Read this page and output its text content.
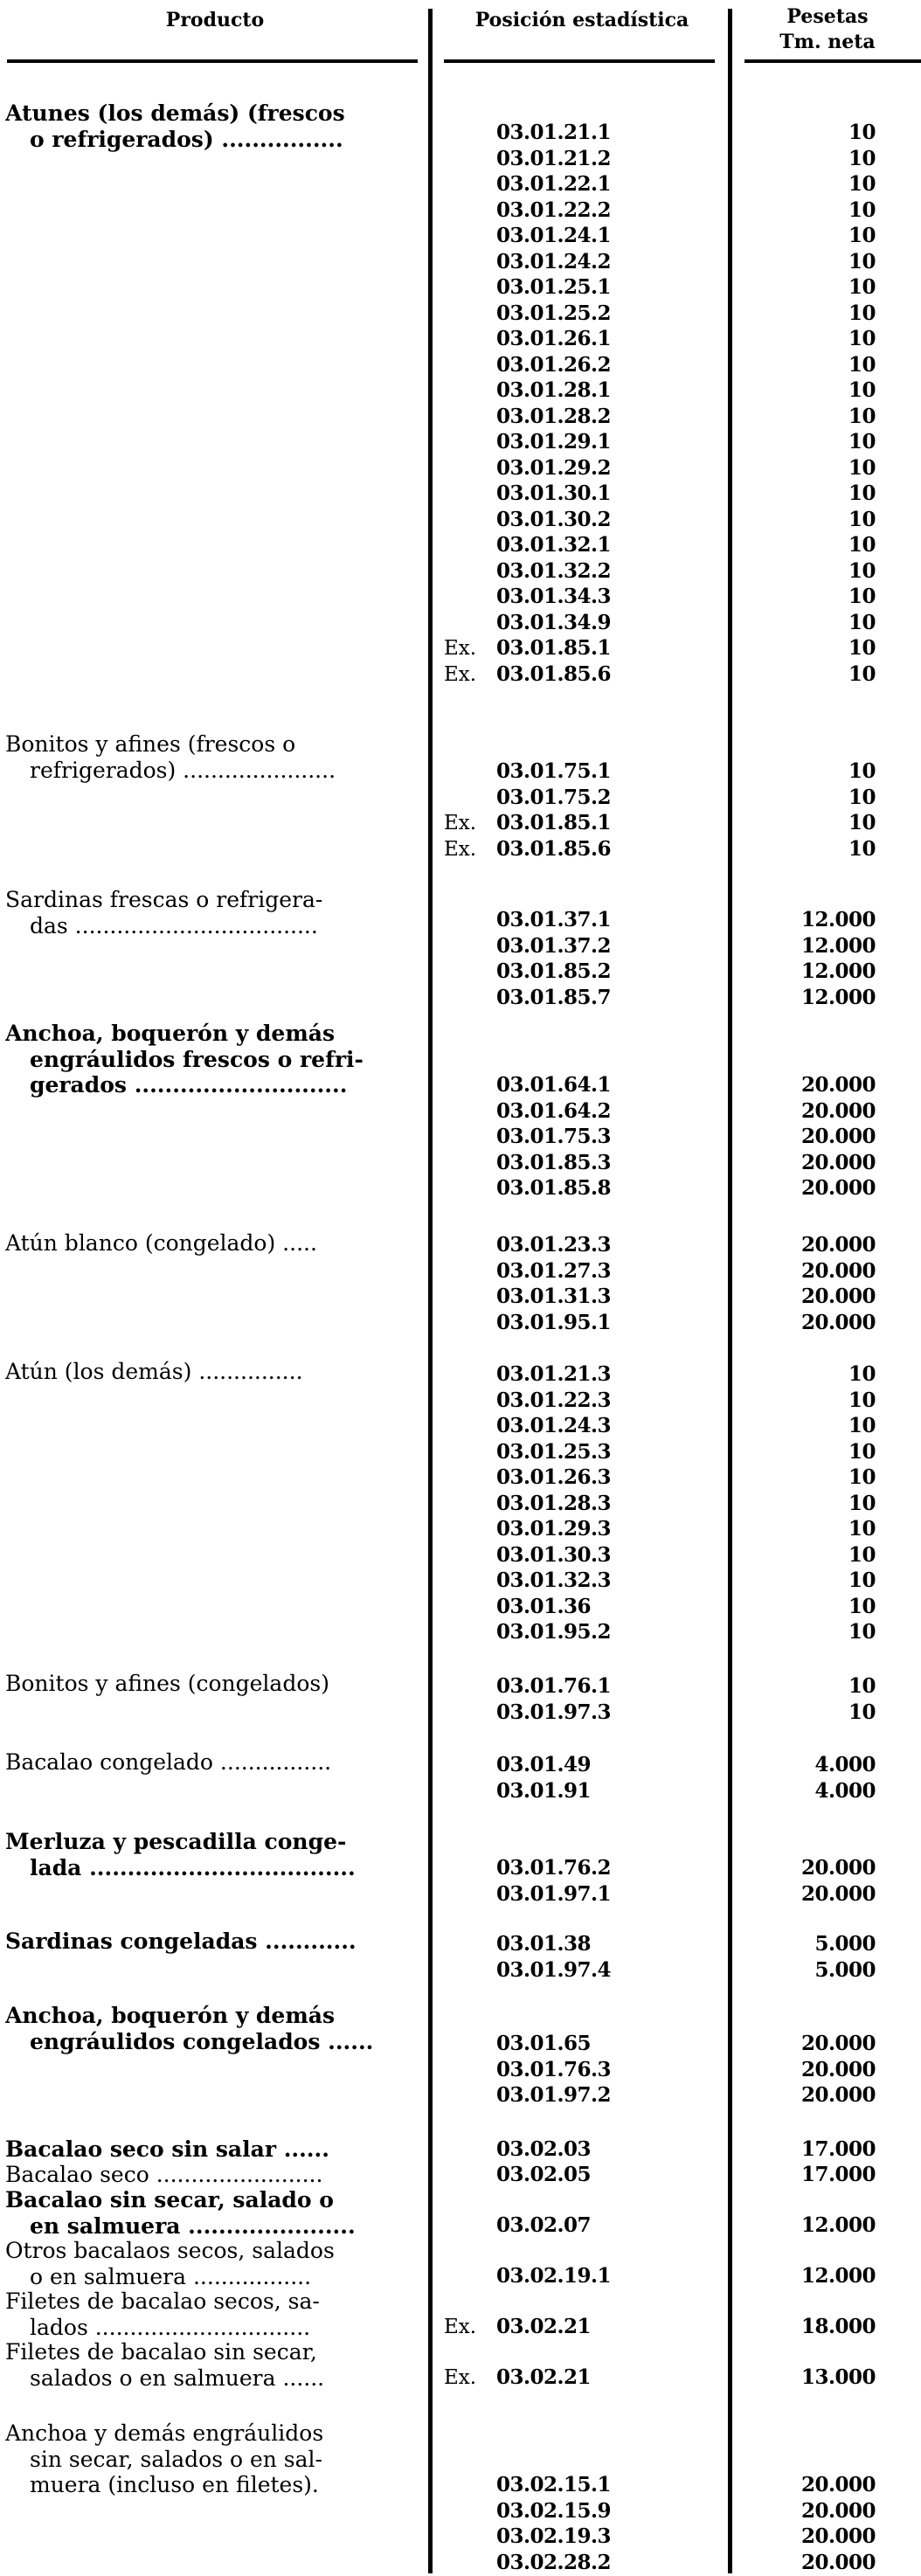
Producto	Posición estadística	Pesetas
Tm. neta
Atunes (los demás) (frescos
o refrigerados) ................	03.01.21.1	10
03.01.21.2	10
03.01.22.1	10
03.01.22.2	10
03.01.24.1	10
03.01.24.2	10
03.01.25.1	10
03.01.25.2	10
03.01.26.1	10
03.01.26.2	10
03.01.28.1	10
03.01.28.2	10
03.01.29.1	10
03.01.29.2	10
03.01.30.1	10
03.01.30.2	10
03.01.32.1	10
03.01.32.2	10
03.01.34.3	10
03.01.34.9	10
Ex. 03.01.85.1	10
Ex. 03.01.85.6	10
Bonitos y afines (frescos o
refrigerados) ......................	03.01.75.1	10
03.01.75.2	10
Ex. 03.01.85.1	10
Ex. 03.01.85.6	10
Sardinas frescas o refrigera-
das ...................................	03.01.37.1	12.000
03.01.37.2	12.000
03.01.85.2	12.000
03.01.85.7	12.000
Anchoa, boquerón y demás
engráulidos frescos o refri-
gerados ............................	03.01.64.1	20.000
03.01.64.2	20.000
03.01.75.3	20.000
03.01.85.3	20.000
03.01.85.8	20.000
Atún blanco (congelado) .....	03.01.23.3	20.000
03.01.27.3	20.000
03.01.31.3	20.000
03.01.95.1	20.000
Atún (los demás) ...............	03.01.21.3	10
03.01.22.3	10
03.01.24.3	10
03.01.25.3	10
03.01.26.3	10
03.01.28.3	10
03.01.29.3	10
03.01.30.3	10
03.01.32.3	10
03.01.36	10
03.01.95.2	10
Bonitos y afines (congelados)	03.01.76.1	10
03.01.97.3	10
Bacalao congelado ................	03.01.49	4.000
03.01.91	4.000
Merluza y pescadilla conge-
lada ...................................	03.01.76.2	20.000
03.01.97.1	20.000
Sardinas congeladas ............	03.01.38	5.000
03.01.97.4	5.000
Anchoa, boquerón y demás
engráulidos congelados ......	03.01.65	20.000
03.01.76.3	20.000
03.01.97.2	20.000
Bacalao seco sin salar ......	03.02.03	17.000
Bacalao seco ........................	03.02.05	17.000
Bacalao sin secar, salado o
en salmuera ......................	03.02.07	12.000
Otros bacalaos secos, salados
o en salmuera .................	03.02.19.1	12.000
Filetes de bacalao secos, sa-
lados ...............................	Ex. 03.02.21	18.000
Filetes de bacalao sin secar,
salados o en salmuera ......	Ex. 03.02.21	13.000
Anchoa y demás engráulidos
sin secar, salados o en sal-
muera (incluso en filetes).	03.02.15.1	20.000
03.02.15.9	20.000
03.02.19.3	20.000
03.02.28.2	20.000
